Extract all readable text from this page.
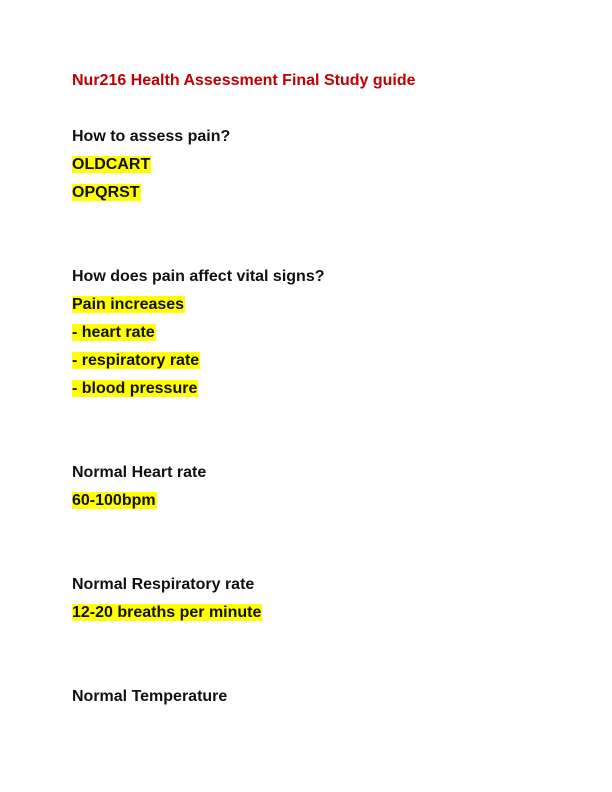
Nur216 Health Assessment Final Study guide
How to assess pain?
OLDCART
OPQRST
How does pain affect vital signs?
Pain increases
- heart rate
- respiratory rate
- blood pressure
Normal Heart rate
60-100bpm
Normal Respiratory rate
12-20 breaths per minute
Normal Temperature
